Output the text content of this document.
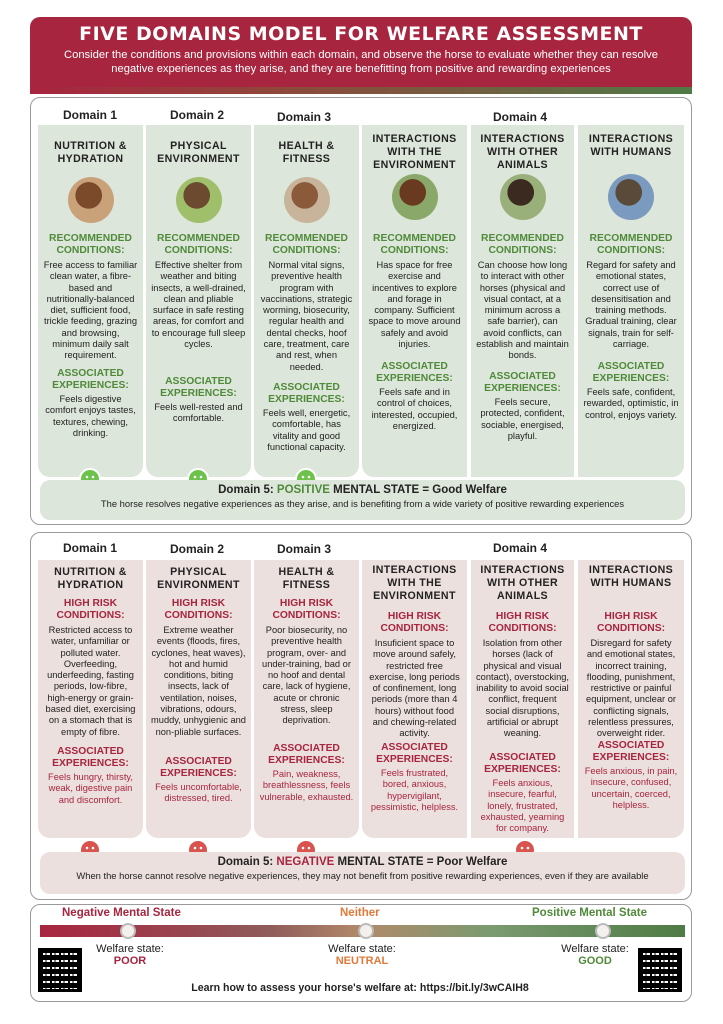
FIVE DOMAINS MODEL FOR WELFARE ASSESSMENT

Consider the conditions and provisions within each domain, and observe the horse to evaluate whether they can resolve negative experiences as they arise, and they are benefitting from positive and rewarding experiences

Domain 1	Domain 2	Domain 3	Domain 4
NUTRITION &
HYDRATION
RECOMMENDED CONDITIONS:
Free access to familiar clean water, a fibre-based and nutritionally-balanced diet, sufficient food, trickle feeding, grazing and browsing, minimum daily salt requirement.
ASSOCIATED EXPERIENCES:
Feels digestive comfort enjoys tastes, textures, chewing, drinking.
PHYSICAL
ENVIRONMENT
RECOMMENDED CONDITIONS:
Effective shelter from weather and biting insects, a well-drained, clean and pliable surface in safe resting areas, for comfort and to encourage full sleep cycles.
ASSOCIATED EXPERIENCES:
Feels well-rested and comfortable.
HEALTH &
FITNESS
RECOMMENDED CONDITIONS:
Normal vital signs, preventive health program with vaccinations, strategic worming, biosecurity, regular health and dental checks, hoof care, treatment, care and rest, when needed.
ASSOCIATED EXPERIENCES:
Feels well, energetic, comfortable, has vitality and good functional capacity.
INTERACTIONS
WITH THE
ENVIRONMENT
RECOMMENDED CONDITIONS:
Has space for free exercise and incentives to explore and forage in company. Sufficient space to move around safely and avoid injuries.
ASSOCIATED EXPERIENCES:
Feels safe and in control of choices, interested, occupied, energized.
INTERACTIONS
WITH OTHER
ANIMALS
RECOMMENDED CONDITIONS:
Can choose how long to interact with other horses (physical and visual contact, at a minimum across a safe barrier), can avoid conflicts, can establish and maintain bonds.
ASSOCIATED EXPERIENCES:
Feels secure, protected, confident, sociable, energised, playful.
INTERACTIONS
WITH HUMANS
RECOMMENDED CONDITIONS:
Regard for safety and emotional states, correct use of desensitisation and training methods. Gradual training, clear signals, train for self-carriage.
ASSOCIATED EXPERIENCES:
Feels safe, confident, rewarded, optimistic, in control, enjoys variety.
Domain 5: POSITIVE MENTAL STATE = Good Welfare
The horse resolves negative experiences as they arise, and is benefiting from a wide variety of positive rewarding experiences
Domain 1	Domain 2	Domain 3	Domain 4
NUTRITION &
HYDRATION
HIGH RISK CONDITIONS:
Restricted access to water, unfamiliar or polluted water. Overfeeding, underfeeding, fasting periods, low-fibre, high-energy or grain-based diet, exercising on a stomach that is empty of fibre.
ASSOCIATED EXPERIENCES:
Feels hungry, thirsty, weak, digestive pain and discomfort.
PHYSICAL
ENVIRONMENT
HIGH RISK CONDITIONS:
Extreme weather events (floods, fires, cyclones, heat waves), hot and humid conditions, biting insects, lack of ventilation, noises, vibrations, odours, muddy, unhygienic and non-pliable surfaces.
ASSOCIATED EXPERIENCES:
Feels uncomfortable, distressed, tired.
HEALTH &
FITNESS
HIGH RISK CONDITIONS:
Poor biosecurity, no preventive health program, over- and under-training, bad or no hoof and dental care, lack of hygiene, acute or chronic stress, sleep deprivation.
ASSOCIATED EXPERIENCES:
Pain, weakness, breathlessness, feels vulnerable, exhausted.
INTERACTIONS
WITH THE
ENVIRONMENT
HIGH RISK CONDITIONS:
Insuficient space to move around safely, restricted free exercise, long periods of confinement, long periods (more than 4 hours) without food and chewing-related activity.
ASSOCIATED EXPERIENCES:
Feels frustrated, bored, anxious, hypervigilant, pessimistic, helpless.
INTERACTIONS
WITH OTHER
ANIMALS
HIGH RISK CONDITIONS:
Isolation from other horses (lack of physical and visual contact), overstocking, inability to avoid social conflict, frequent social disruptions, artificial or abrupt weaning.
ASSOCIATED EXPERIENCES:
Feels anxious, insecure, fearful, lonely, frustrated, exhausted, yearning for company.
INTERACTIONS
WITH HUMANS
HIGH RISK CONDITIONS:
Disregard for safety and emotional states, incorrect training, flooding, punishment, restrictive or painful equipment, unclear or conflicting signals, relentless pressures, overweight rider.
ASSOCIATED EXPERIENCES:
Feels anxious, in pain, insecure, confused, uncertain, coerced, helpless.
Domain 5: NEGATIVE MENTAL STATE = Poor Welfare
When the horse cannot resolve negative experiences, they may not benefit from positive rewarding experiences, even if they are available
Negative Mental State	Neither	Positive Mental State
Welfare state:
POOR
Welfare state:
NEUTRAL
Welfare state:
GOOD
Learn how to assess your horse's welfare at: https://bit.ly/3wCAIH8
